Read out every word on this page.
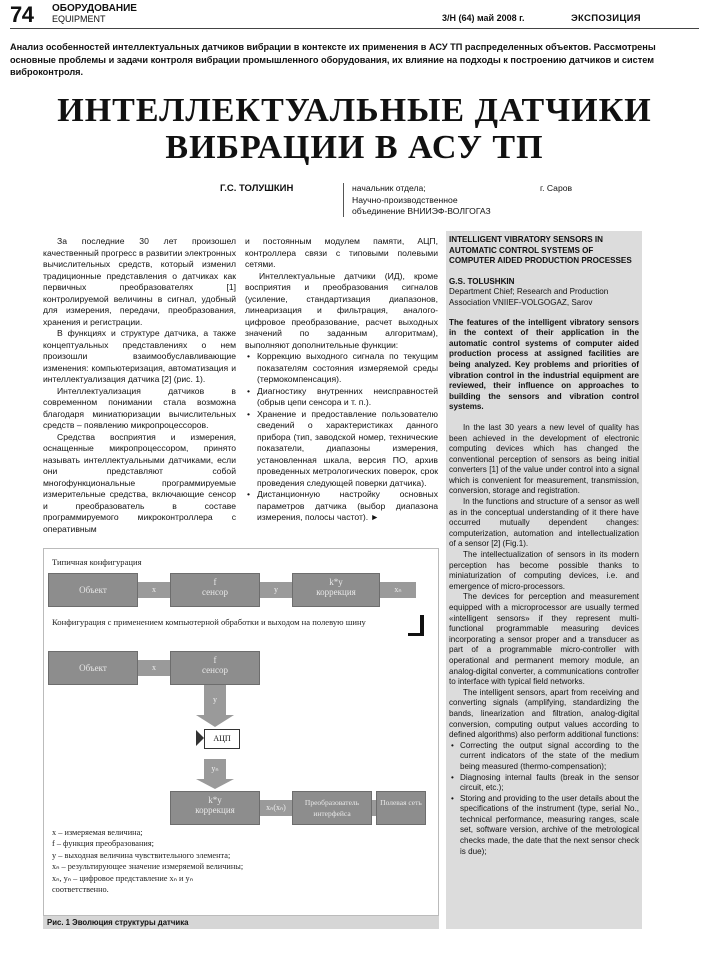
74 ОБОРУДОВАНИЕ
EQUIPMENT	3/Н (64) май 2008 г.	ЭКСПОЗИЦИЯ
Анализ особенностей интеллектуальных датчиков вибрации в контексте их применения в АСУ ТП распределенных объектов. Рассмотрены основные проблемы и задачи контроля вибрации промышленного оборудования, их влияние на подходы к построению датчиков и систем виброконтроля.
ИНТЕЛЛЕКТУАЛЬНЫЕ ДАТЧИКИ
ВИБРАЦИИ В АСУ ТП
Г.С. ТОЛУШКИН	начальник отдела;
Научно-производственное
объединение ВНИИЭФ-ВОЛГОГАЗ
г. Саров

За последние 30 лет произошел качественный прогресс в развитии электронных вычислительных средств, который изменил традиционные представления о датчиках как первичных преобразователях [1] контролируемой величины в сигнал, удобный для измерения, передачи, преобразования, хранения и регистрации.

В функциях и структуре датчика, а также концептуальных представлениях о нем произошли взаимообуславливающие изменения: компьютеризация, автоматизация и интеллектуализация датчика [2] (рис. 1).

Интеллектуализация датчиков в современном понимании стала возможна благодаря миниатюризации вычислительных средств – появлению микропроцессоров.

Средства восприятия и измерения, оснащенные микропроцессором, принято называть интеллектуальными датчиками, если они представляют собой многофункциональные программируемые измерительные средства, включающие сенсор и преобразователь в составе программируемого микроконтроллера с оперативным

и постоянным модулем памяти, АЦП, контроллера связи с типовыми полевыми сетями.

Интеллектуальные датчики (ИД), кроме восприятия и преобразования сигналов (усиление, стандартизация диапазонов, линеаризация и фильтрация, аналого-цифровое преобразование, расчет выходных значений по заданным алгоритмам), выполняют дополнительные функции:

• Коррекцию выходного сигнала по текущим показателям состояния измеряемой среды (термокомпенсация).
• Диагностику внутренних неисправностей (обрыв цепи сенсора и т. п.).
• Хранение и предоставление пользователю сведений о характеристиках данного прибора (тип, заводской номер, технические показатели, диапазоны измерения, установленная шкала, версия ПО, архив проведенных метрологических поверок, срок проведения следующей поверки датчика).
• Дистанционную настройку основных параметров датчика (выбор диапазона измерения, полосы частот). ►

INTELLIGENT VIBRATORY SENSORS IN AUTOMATIC CONTROL SYSTEMS OF COMPUTER AIDED PRODUCTION PROCESSES

G.S. TOLUSHKIN

Department Chief; Research and Production Association VNIIEF-VOLGOGAZ, Sarov

The features of the intelligent vibratory sensors in the context of their application in the automatic control systems of computer aided production process at assigned facilities are being analyzed. Key problems and priorities of vibration control in the industrial equipment are reviewed, their influence on approaches to building the sensors and vibration control systems.

In the last 30 years a new level of quality has been achieved in the development of electronic computing devices which has changed the conventional perception of sensors as being initial converters [1] of the value under control into a signal which is convenient for measurement, transmission, conversion, storage and registration.

In the functions and structure of a sensor as well as in the conceptual understanding of it there have occurred mutually dependent changes: computerization, automation and intellectualization of a sensor [2] (Fig.1).

The intellectualization of sensors in its modern perception has become possible thanks to miniaturization of computing devices, i.e. and emergence of micro-processors.

The devices for perception and measurement equipped with a microprocessor are usually termed «intelligent sensors» if they represent multi-functional programmable measuring devices incorporating a sensor proper and a transducer as part of a programmable micro-controller with operational and permanent memory module, an analog-digital converter, a communications controller to interface with typical field networks.

The intelligent sensors, apart from receiving and converting signals (amplifying, standardizing the bands, linearization and filtration, analog-digital conversion, computing output values according to defined algorithms) also perform additional functions:

• Correcting the output signal according to the current indicators of the state of the medium being measured (thermo-compensation);
• Diagnosing internal faults (break in the sensor circuit, etc.);
• Storing and providing to the user details about the specifications of the instrument (type, serial No., technical performance, measuring ranges, scale set, software version, archive of the metrological checks made, the date that the next sensor check is due);
Типичная конфигурация
Объект	x
f
сенсор	y
k*y
коррекция	xₙ
Конфигурация с применением компьютерной обработки и выходом на полевую шину
Объект	x
f
сенсор
y
АЦП
yₙ
k*y
коррекция	xₙ(xₙ)
Преобразователь интерфейса
Полевая сеть
x – измеряемая величина;
f – функция преобразования;
y – выходная величина чувствительного элемента;
xₙ – результирующее значение измеряемой величины;
xₙ, yₙ – цифровое представление xₙ и yₙ
соответственно.
Рис. 1 Эволюция структуры датчика
